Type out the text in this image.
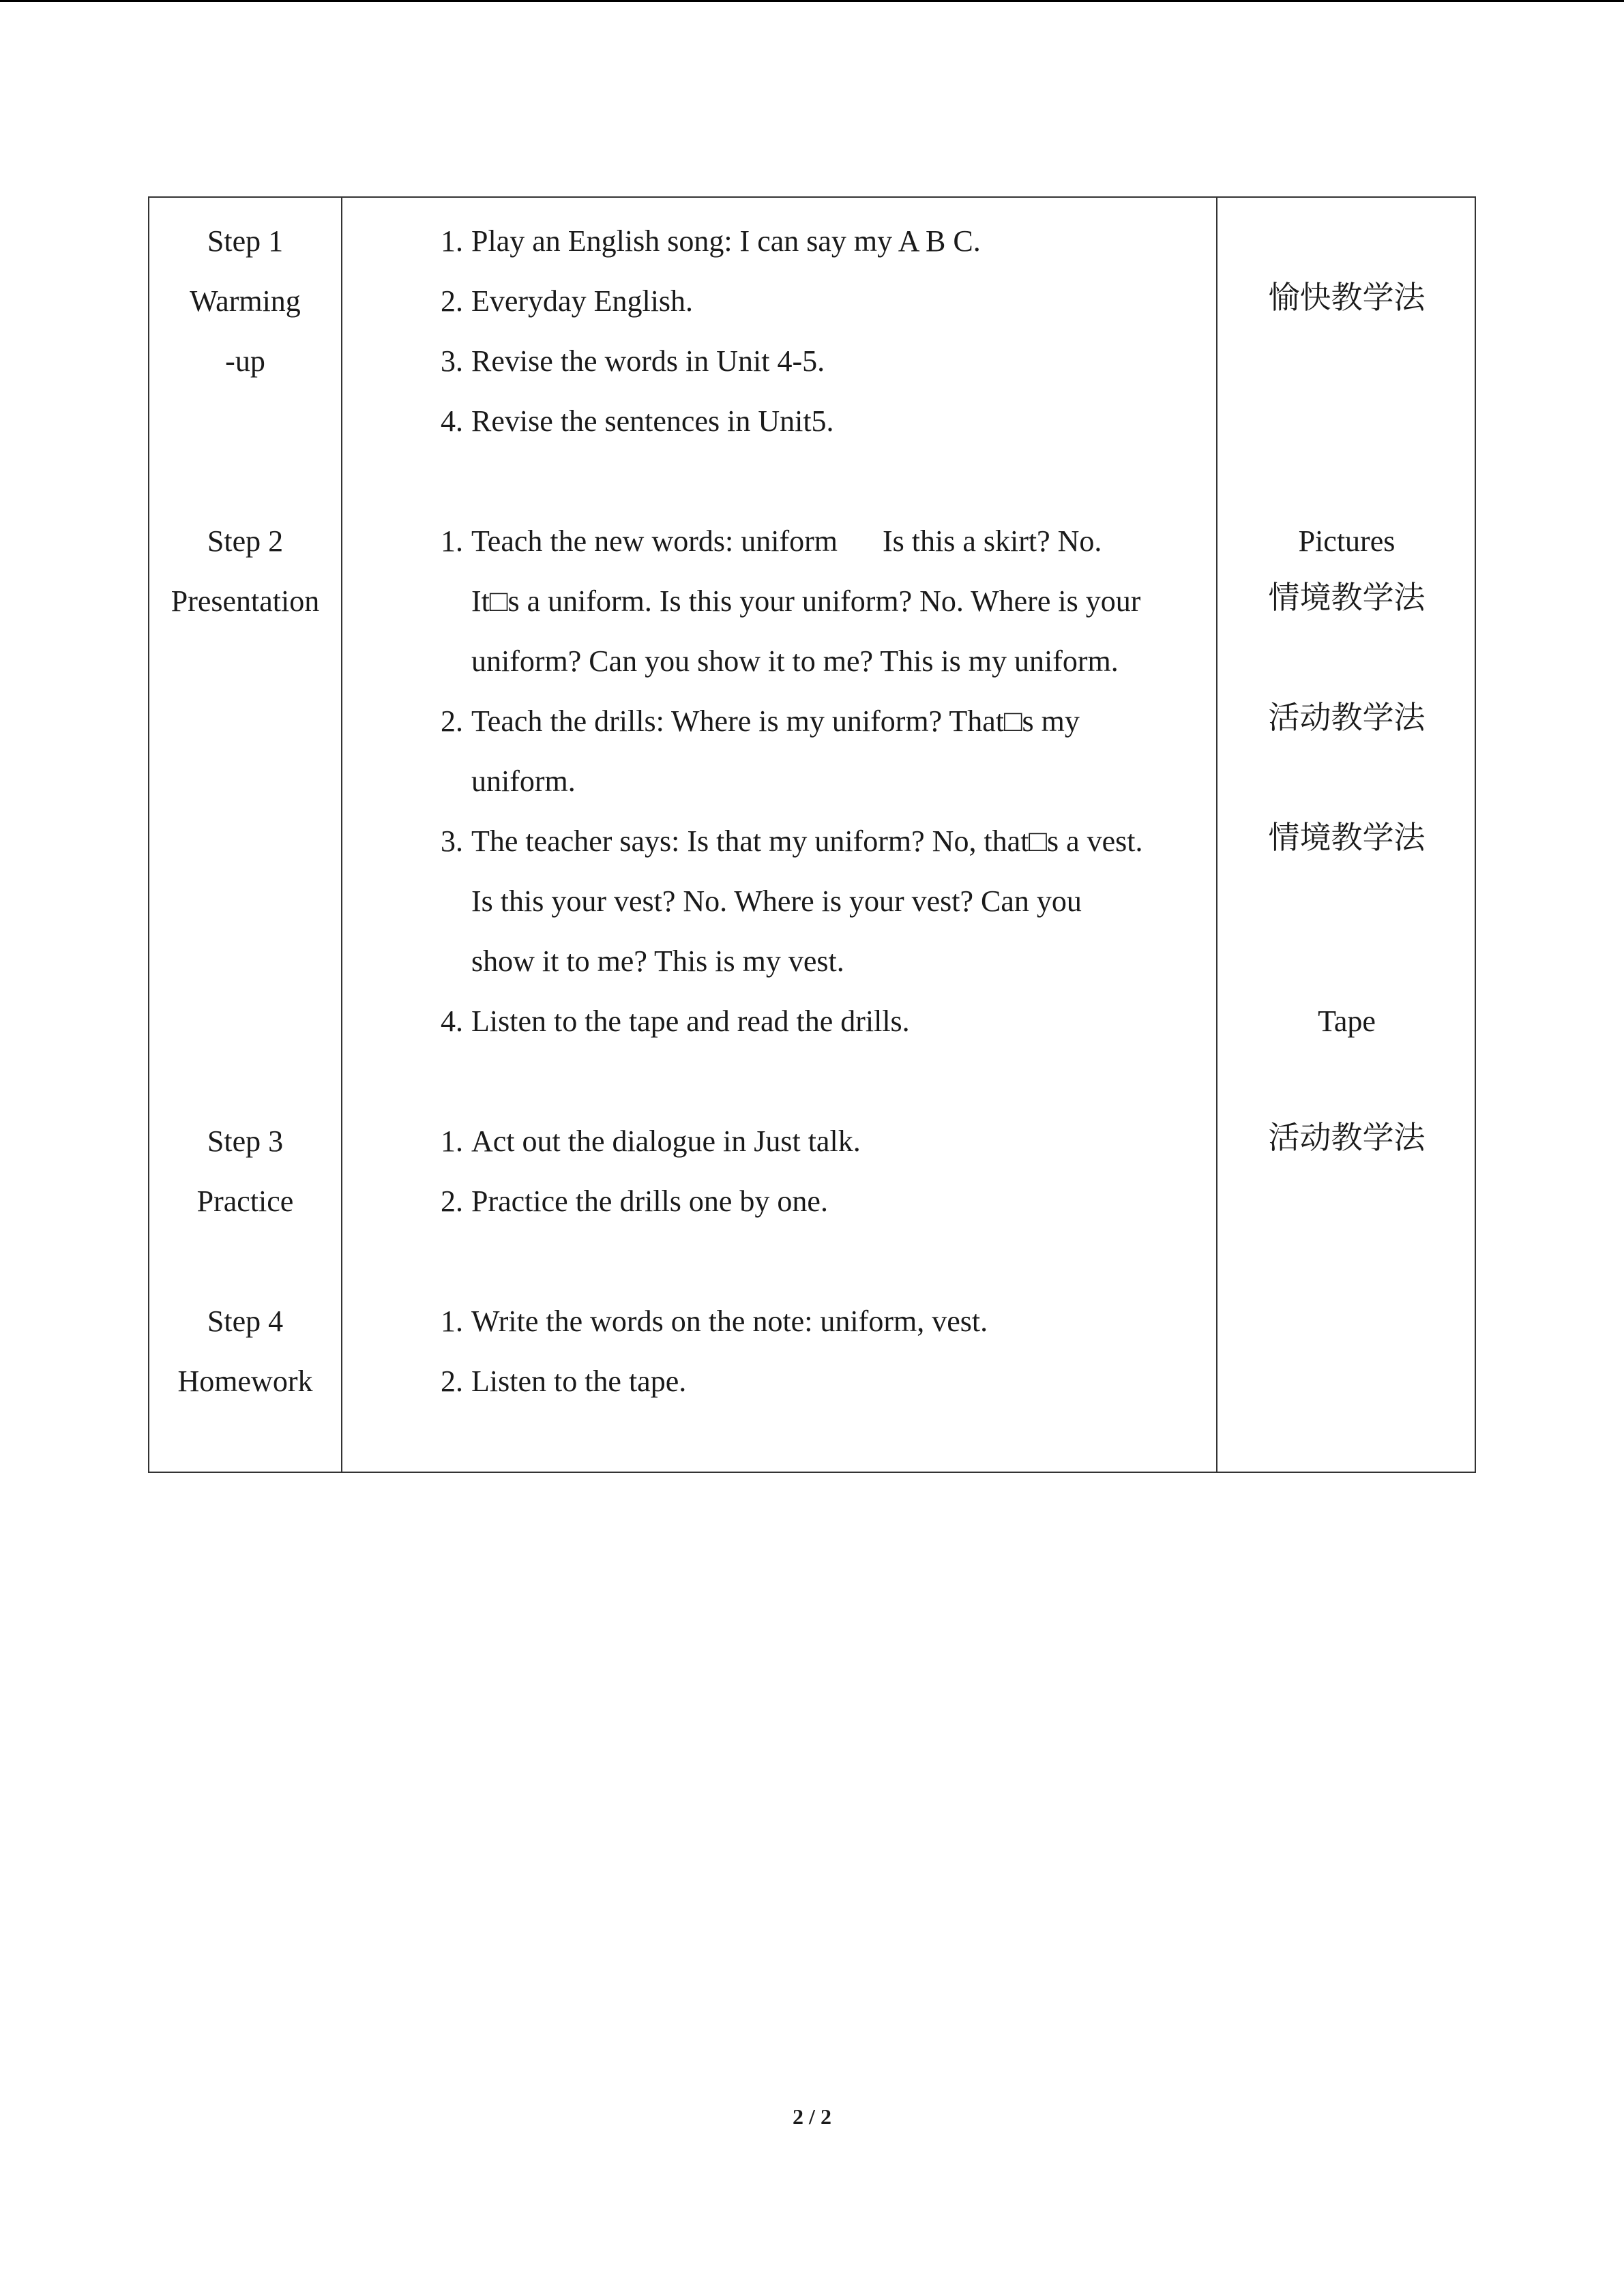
Step 1
Warming
-up
1. Play an English song: I can say my A B C.
2. Everyday English.
3. Revise the words in Unit 4-5.
4. Revise the sentences in Unit5.
愉快教学法
Step 2
Presentation
1. Teach the new words: uniform      Is this a skirt? No.
It□s a uniform. Is this your uniform? No. Where is your
uniform? Can you show it to me? This is my uniform.
2. Teach the drills: Where is my uniform? That□s my
uniform.
3. The teacher says: Is that my uniform? No, that□s a vest.
Is this your vest? No. Where is your vest? Can you
show it to me? This is my vest.
4. Listen to the tape and read the drills.
Pictures
情境教学法
活动教学法
情境教学法
Tape
Step 3
Practice
1. Act out the dialogue in Just talk.
2. Practice the drills one by one.
活动教学法
Step 4
Homework
1. Write the words on the note: uniform, vest.
2. Listen to the tape.
2 / 2
